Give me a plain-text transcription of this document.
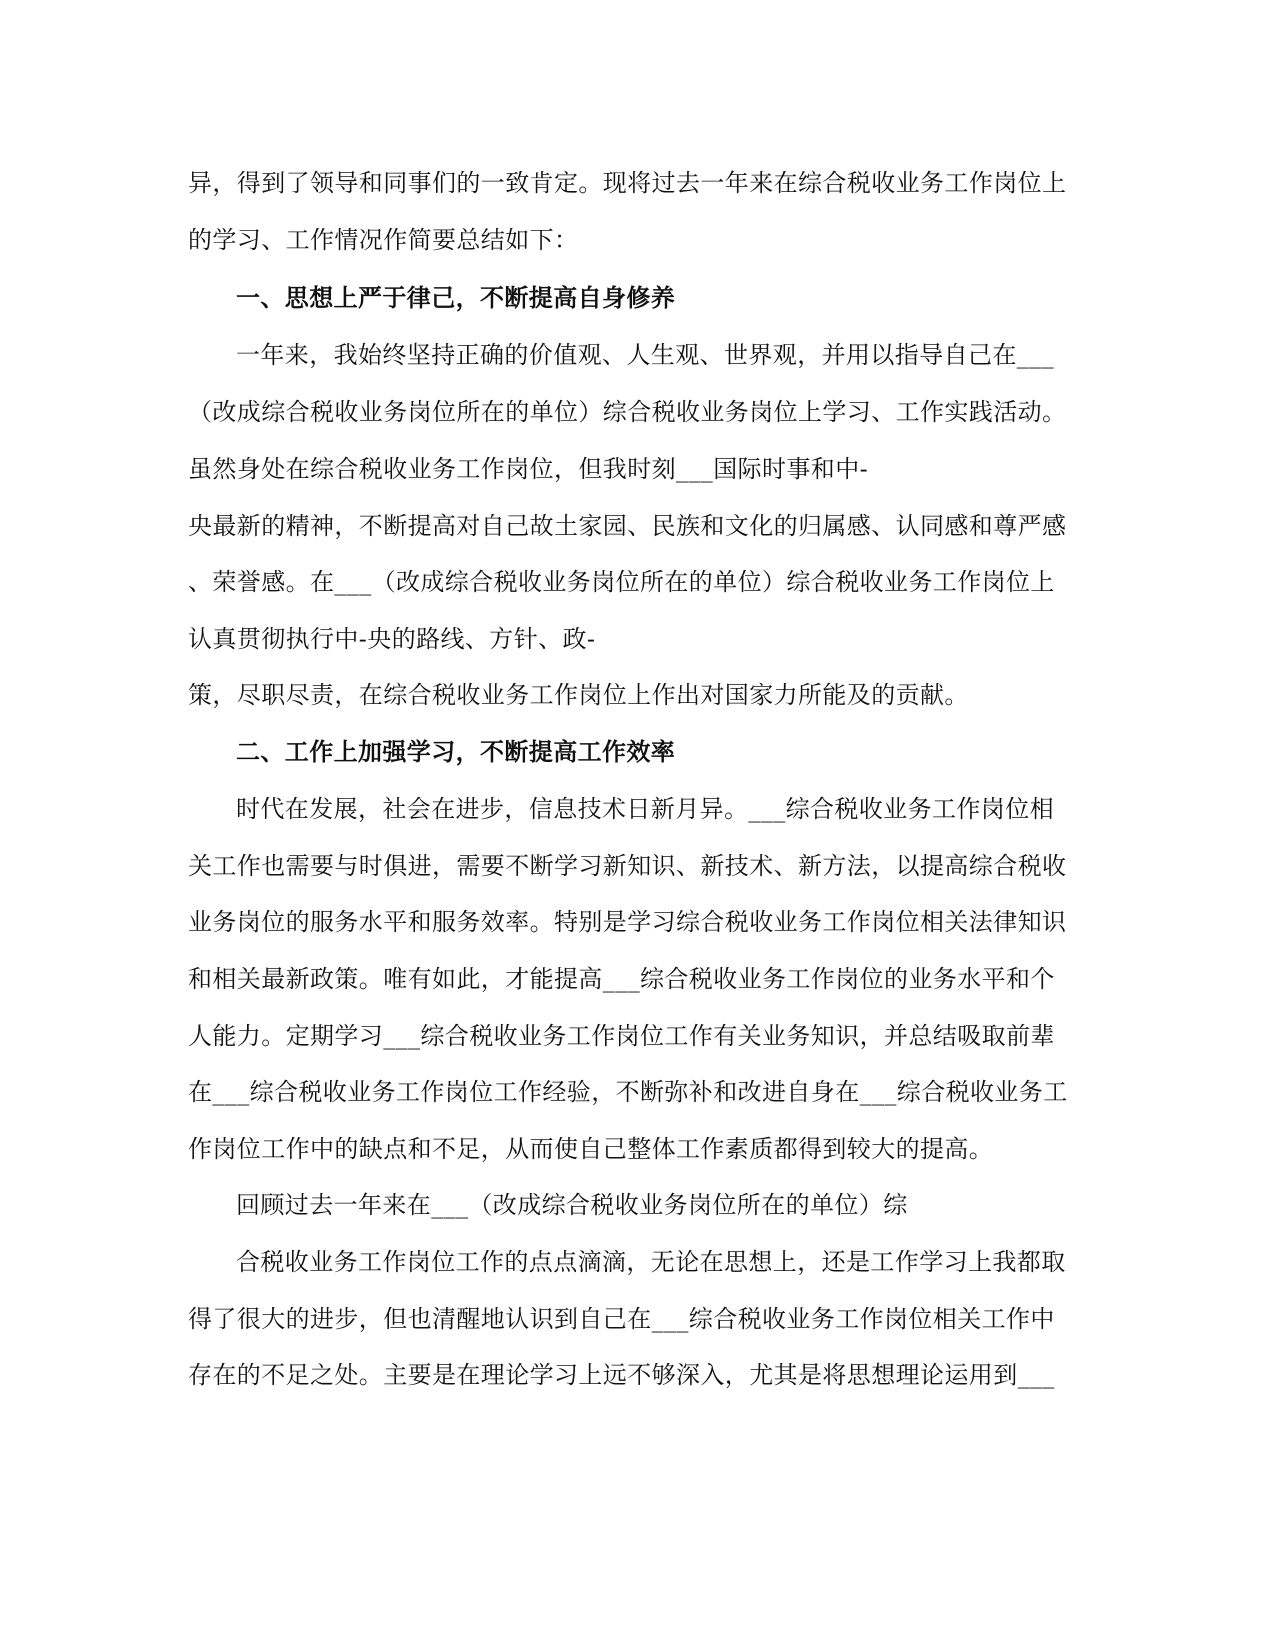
异，得到了领导和同事们的一致肯定。现将过去一年来在综合税收业务工作岗位上
的学习、工作情况作简要总结如下：
一、思想上严于律己，不断提高自身修养
一年来，我始终坚持正确的价值观、人生观、世界观，并用以指导自己在___
（改成综合税收业务岗位所在的单位）综合税收业务岗位上学习、工作实践活动。
虽然身处在综合税收业务工作岗位，但我时刻___国际时事和中-
央最新的精神，不断提高对自己故土家园、民族和文化的归属感、认同感和尊严感
、荣誉感。在___（改成综合税收业务岗位所在的单位）综合税收业务工作岗位上
认真贯彻执行中-央的路线、方针、政-
策，尽职尽责，在综合税收业务工作岗位上作出对国家力所能及的贡献。
二、工作上加强学习，不断提高工作效率
时代在发展，社会在进步，信息技术日新月异。___综合税收业务工作岗位相
关工作也需要与时俱进，需要不断学习新知识、新技术、新方法，以提高综合税收
业务岗位的服务水平和服务效率。特别是学习综合税收业务工作岗位相关法律知识
和相关最新政策。唯有如此，才能提高___综合税收业务工作岗位的业务水平和个
人能力。定期学习___综合税收业务工作岗位工作有关业务知识，并总结吸取前辈
在___综合税收业务工作岗位工作经验，不断弥补和改进自身在___综合税收业务工
作岗位工作中的缺点和不足，从而使自己整体工作素质都得到较大的提高。
回顾过去一年来在___（改成综合税收业务岗位所在的单位）综
合税收业务工作岗位工作的点点滴滴，无论在思想上，还是工作学习上我都取
得了很大的进步，但也清醒地认识到自己在___综合税收业务工作岗位相关工作中
存在的不足之处。主要是在理论学习上远不够深入，尤其是将思想理论运用到___
